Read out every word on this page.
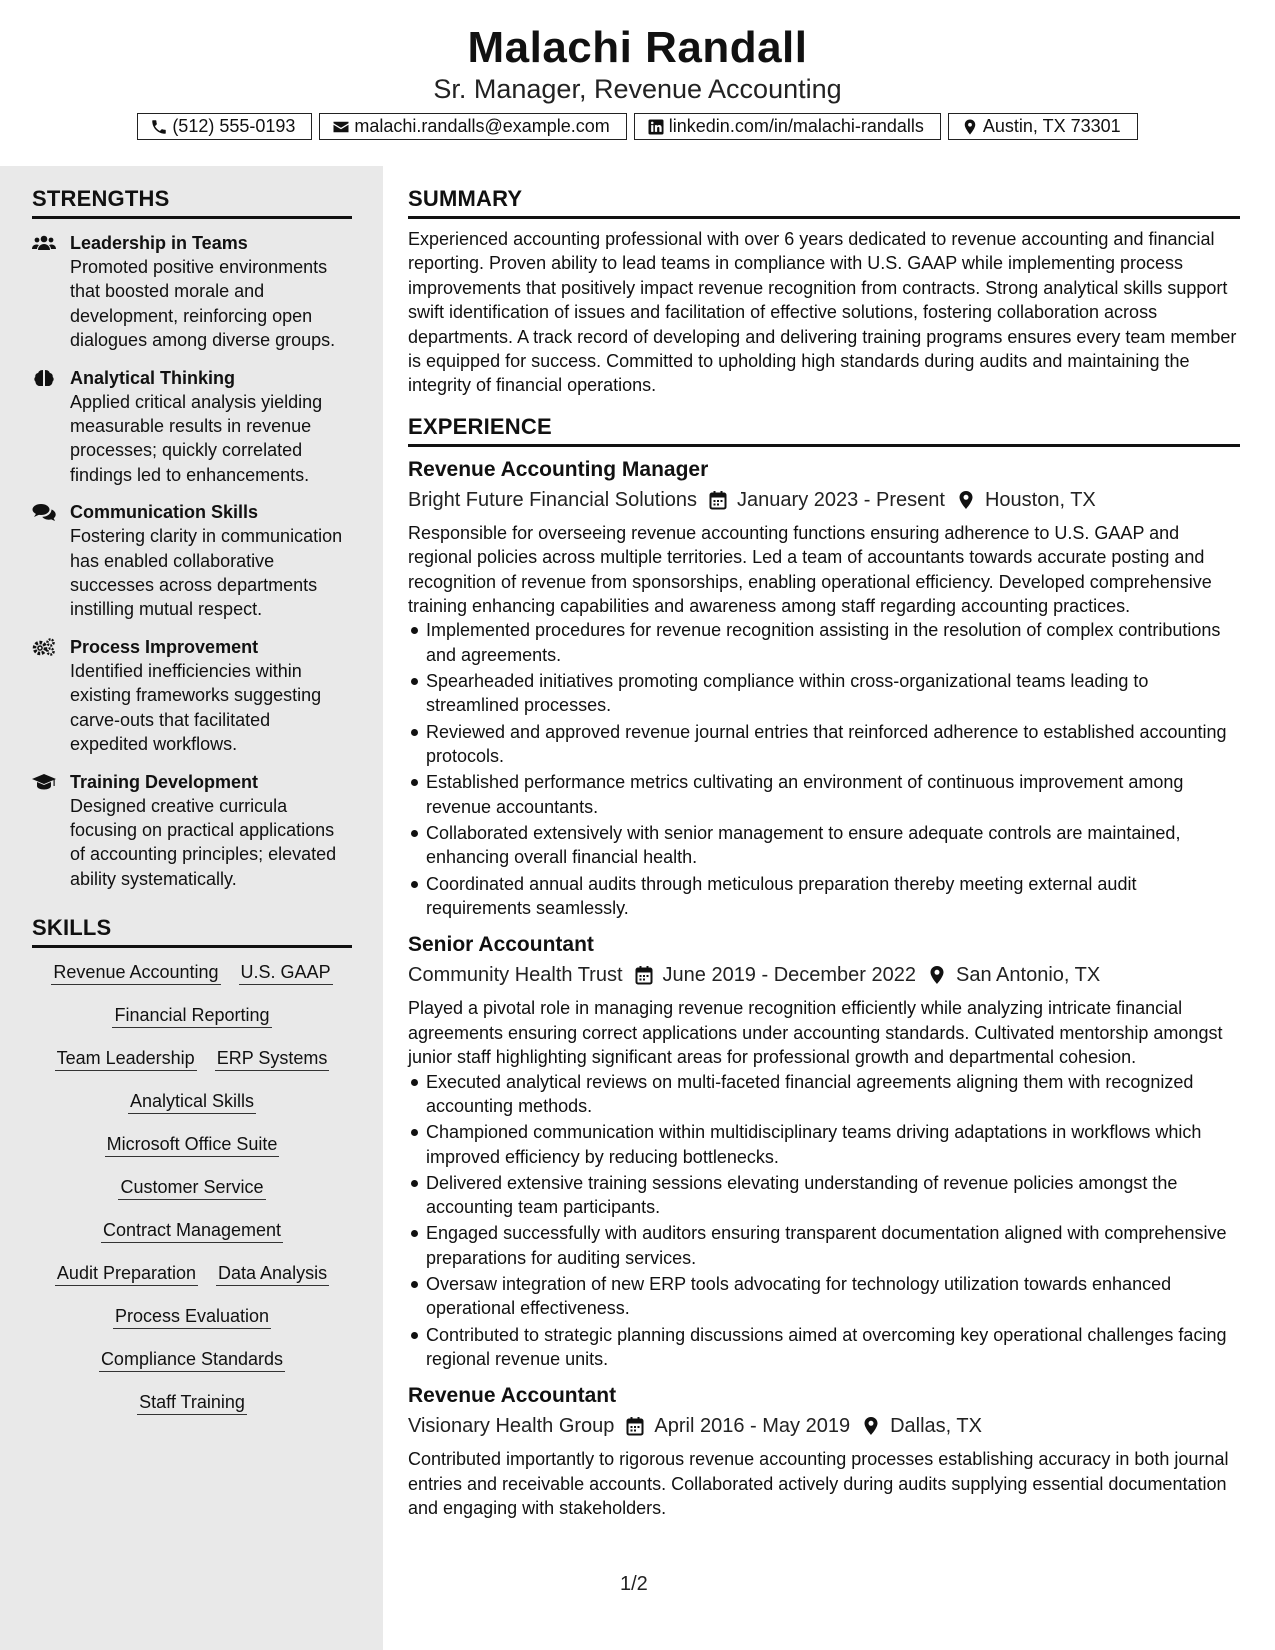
Malachi Randall
Sr. Manager, Revenue Accounting
(512) 555-0193	malachi.randalls@example.com	linkedin.com/in/malachi-randalls	Austin, TX 73301
STRENGTHS
Leadership in Teams
Promoted positive environments that boosted morale and development, reinforcing open dialogues among diverse groups.
Analytical Thinking
Applied critical analysis yielding measurable results in revenue processes; quickly correlated findings led to enhancements.
Communication Skills
Fostering clarity in communication has enabled collaborative successes across departments instilling mutual respect.
Process Improvement
Identified inefficiencies within existing frameworks suggesting carve-outs that facilitated expedited workflows.
Training Development
Designed creative curricula focusing on practical applications of accounting principles; elevated ability systematically.
SKILLS
Revenue Accounting U.S. GAAP
Financial Reporting
Team Leadership ERP Systems
Analytical Skills
Microsoft Office Suite
Customer Service
Contract Management
Audit Preparation Data Analysis
Process Evaluation
Compliance Standards
Staff Training
SUMMARY

Experienced accounting professional with over 6 years dedicated to revenue accounting and financial reporting. Proven ability to lead teams in compliance with U.S. GAAP while implementing process improvements that positively impact revenue recognition from contracts. Strong analytical skills support swift identification of issues and facilitation of effective solutions, fostering collaboration across departments. A track record of developing and delivering training programs ensures every team member is equipped for success. Committed to upholding high standards during audits and maintaining the integrity of financial operations.

EXPERIENCE
Revenue Accounting Manager
Bright Future Financial Solutions January 2023 - Present Houston, TX

Responsible for overseeing revenue accounting functions ensuring adherence to U.S. GAAP and regional policies across multiple territories. Led a team of accountants towards accurate posting and recognition of revenue from sponsorships, enabling operational efficiency. Developed comprehensive training enhancing capabilities and awareness among staff regarding accounting practices.

Implemented procedures for revenue recognition assisting in the resolution of complex contributions and agreements.
Spearheaded initiatives promoting compliance within cross-organizational teams leading to streamlined processes.
Reviewed and approved revenue journal entries that reinforced adherence to established accounting protocols.
Established performance metrics cultivating an environment of continuous improvement among revenue accountants.
Collaborated extensively with senior management to ensure adequate controls are maintained, enhancing overall financial health.
Coordinated annual audits through meticulous preparation thereby meeting external audit requirements seamlessly.
Senior Accountant
Community Health Trust June 2019 - December 2022 San Antonio, TX

Played a pivotal role in managing revenue recognition efficiently while analyzing intricate financial agreements ensuring correct applications under accounting standards. Cultivated mentorship amongst junior staff highlighting significant areas for professional growth and departmental cohesion.

Executed analytical reviews on multi-faceted financial agreements aligning them with recognized accounting methods.
Championed communication within multidisciplinary teams driving adaptations in workflows which improved efficiency by reducing bottlenecks.
Delivered extensive training sessions elevating understanding of revenue policies amongst the accounting team participants.
Engaged successfully with auditors ensuring transparent documentation aligned with comprehensive preparations for auditing services.
Oversaw integration of new ERP tools advocating for technology utilization towards enhanced operational effectiveness.
Contributed to strategic planning discussions aimed at overcoming key operational challenges facing regional revenue units.
Revenue Accountant
Visionary Health Group April 2016 - May 2019 Dallas, TX

Contributed importantly to rigorous revenue accounting processes establishing accuracy in both journal entries and receivable accounts. Collaborated actively during audits supplying essential documentation and engaging with stakeholders.

1/2
